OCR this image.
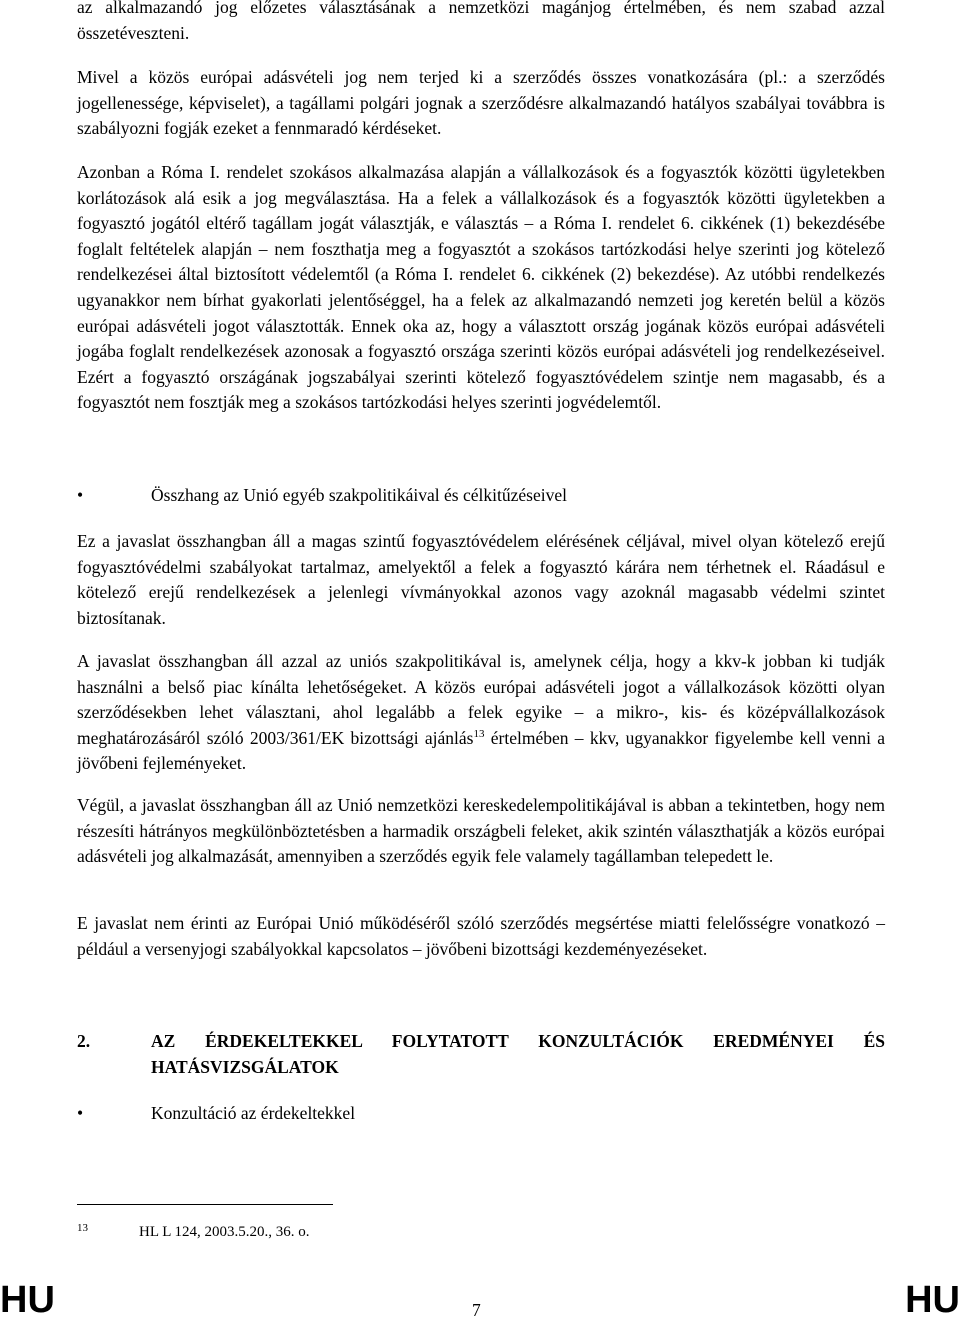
az alkalmazandó jog előzetes választásának a nemzetközi magánjog értelmében, és nem szabad azzal összetéveszteni.

Mivel a közös európai adásvételi jog nem terjed ki a szerződés összes vonatkozására (pl.: a szerződés jogellenessége, képviselet), a tagállami polgári jognak a szerződésre alkalmazandó hatályos szabályai továbbra is szabályozni fogják ezeket a fennmaradó kérdéseket.

Azonban a Róma I. rendelet szokásos alkalmazása alapján a vállalkozások és a fogyasztók közötti ügyletekben korlátozások alá esik a jog megválasztása. Ha a felek a vállalkozások és a fogyasztók közötti ügyletekben a fogyasztó jogától eltérő tagállam jogát választják, e választás – a Róma I. rendelet 6. cikkének (1) bekezdésébe foglalt feltételek alapján – nem foszthatja meg a fogyasztót a szokásos tartózkodási helye szerinti jog kötelező rendelkezései által biztosított védelemtől (a Róma I. rendelet 6. cikkének (2) bekezdése). Az utóbbi rendelkezés ugyanakkor nem bírhat gyakorlati jelentőséggel, ha a felek az alkalmazandó nemzeti jog keretén belül a közös európai adásvételi jogot választották. Ennek oka az, hogy a választott ország jogának közös európai adásvételi jogába foglalt rendelkezések azonosak a fogyasztó országa szerinti közös európai adásvételi jog rendelkezéseivel. Ezért a fogyasztó országának jogszabályai szerinti kötelező fogyasztóvédelem szintje nem magasabb, és a fogyasztót nem fosztják meg a szokásos tartózkodási helyes szerinti jogvédelemtől.

•	Összhang az Unió egyéb szakpolitikáival és célkitűzéseivel

Ez a javaslat összhangban áll a magas szintű fogyasztóvédelem elérésének céljával, mivel olyan kötelező erejű fogyasztóvédelmi szabályokat tartalmaz, amelyektől a felek a fogyasztó kárára nem térhetnek el. Ráadásul e kötelező erejű rendelkezések a jelenlegi vívmányokkal azonos vagy azoknál magasabb védelmi szintet biztosítanak.

A javaslat összhangban áll azzal az uniós szakpolitikával is, amelynek célja, hogy a kkv-k jobban ki tudják használni a belső piac kínálta lehetőségeket. A közös európai adásvételi jogot a vállalkozások közötti olyan szerződésekben lehet választani, ahol legalább a felek egyike – a mikro-, kis- és középvállalkozások meghatározásáról szóló 2003/361/EK bizottsági ajánlás$^{13}$ értelmében – kkv, ugyanakkor figyelembe kell venni a jövőbeni fejleményeket.

Végül, a javaslat összhangban áll az Unió nemzetközi kereskedelempolitikájával is abban a tekintetben, hogy nem részesíti hátrányos megkülönböztetésben a harmadik országbeli feleket, akik szintén választhatják a közös európai adásvételi jog alkalmazását, amennyiben a szerződés egyik fele valamely tagállamban telepedett le.

E javaslat nem érinti az Európai Unió működéséről szóló szerződés megsértése miatti felelősségre vonatkozó – például a versenyjogi szabályokkal kapcsolatos – jövőbeni bizottsági kezdeményezéseket.

2.	AZ ÉRDEKELTEKKEL FOLYTATOTT KONZULTÁCIÓK EREDMÉNYEI ÉS HATÁSVIZSGÁLATOK
•	Konzultáció az érdekeltekkel
13	HL L 124, 2003.5.20., 36. o.
HU	7	HU
